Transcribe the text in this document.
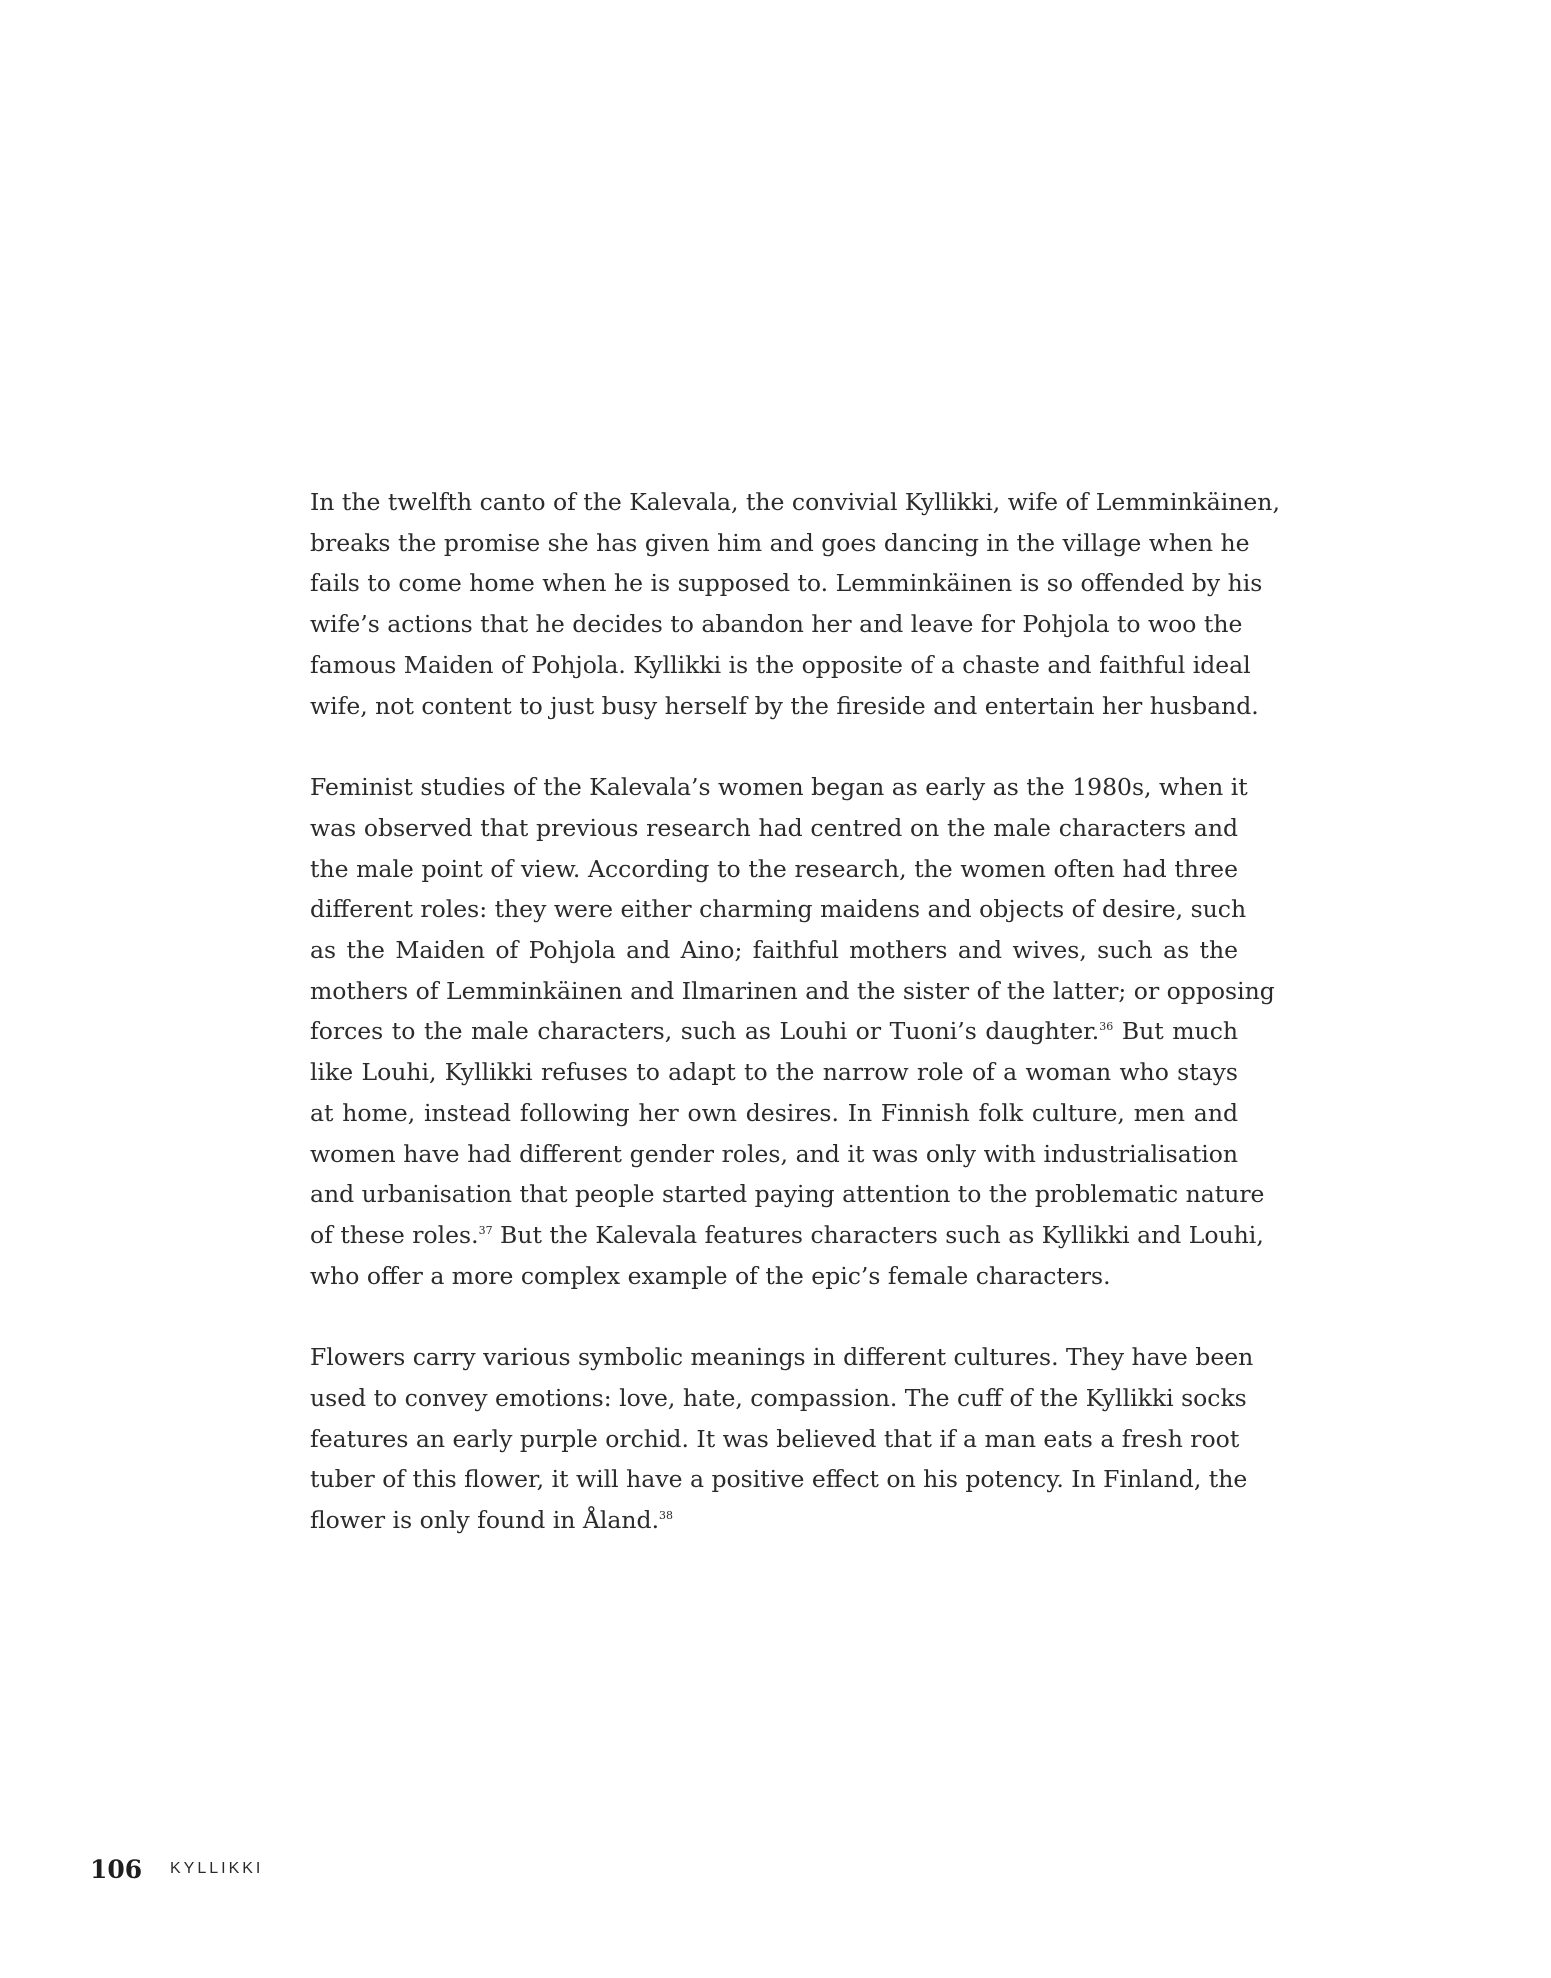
In the twelfth canto of the Kalevala, the convivial Kyllikki, wife of Lemminkäinen,
breaks the promise she has given him and goes dancing in the village when he
fails to come home when he is supposed to. Lemminkäinen is so offended by his
wife’s actions that he decides to abandon her and leave for Pohjola to woo the
famous Maiden of Pohjola. Kyllikki is the opposite of a chaste and faithful ideal
wife, not content to just busy herself by the fireside and entertain her husband.

Feminist studies of the Kalevala’s women began as early as the 1980s, when it
was observed that previous research had centred on the male characters and
the male point of view. According to the research, the women often had three
different roles: they were either charming maidens and objects of desire, such
as the Maiden of Pohjola and Aino; faithful mothers and wives, such as the
mothers of Lemminkäinen and Ilmarinen and the sister of the latter; or opposing
forces to the male characters, such as Louhi or Tuoni’s daughter.$^{36}$ But much
like Louhi, Kyllikki refuses to adapt to the narrow role of a woman who stays
at home, instead following her own desires. In Finnish folk culture, men and
women have had different gender roles, and it was only with industrialisation
and urbanisation that people started paying attention to the problematic nature
of these roles.$^{37}$ But the Kalevala features characters such as Kyllikki and Louhi,
who offer a more complex example of the epic’s female characters.

Flowers carry various symbolic meanings in different cultures. They have been
used to convey emotions: love, hate, compassion. The cuff of the Kyllikki socks
features an early purple orchid. It was believed that if a man eats a fresh root
tuber of this flower, it will have a positive effect on his potency. In Finland, the
flower is only found in Åland.$^{38}$

106 KYLLIKKI
